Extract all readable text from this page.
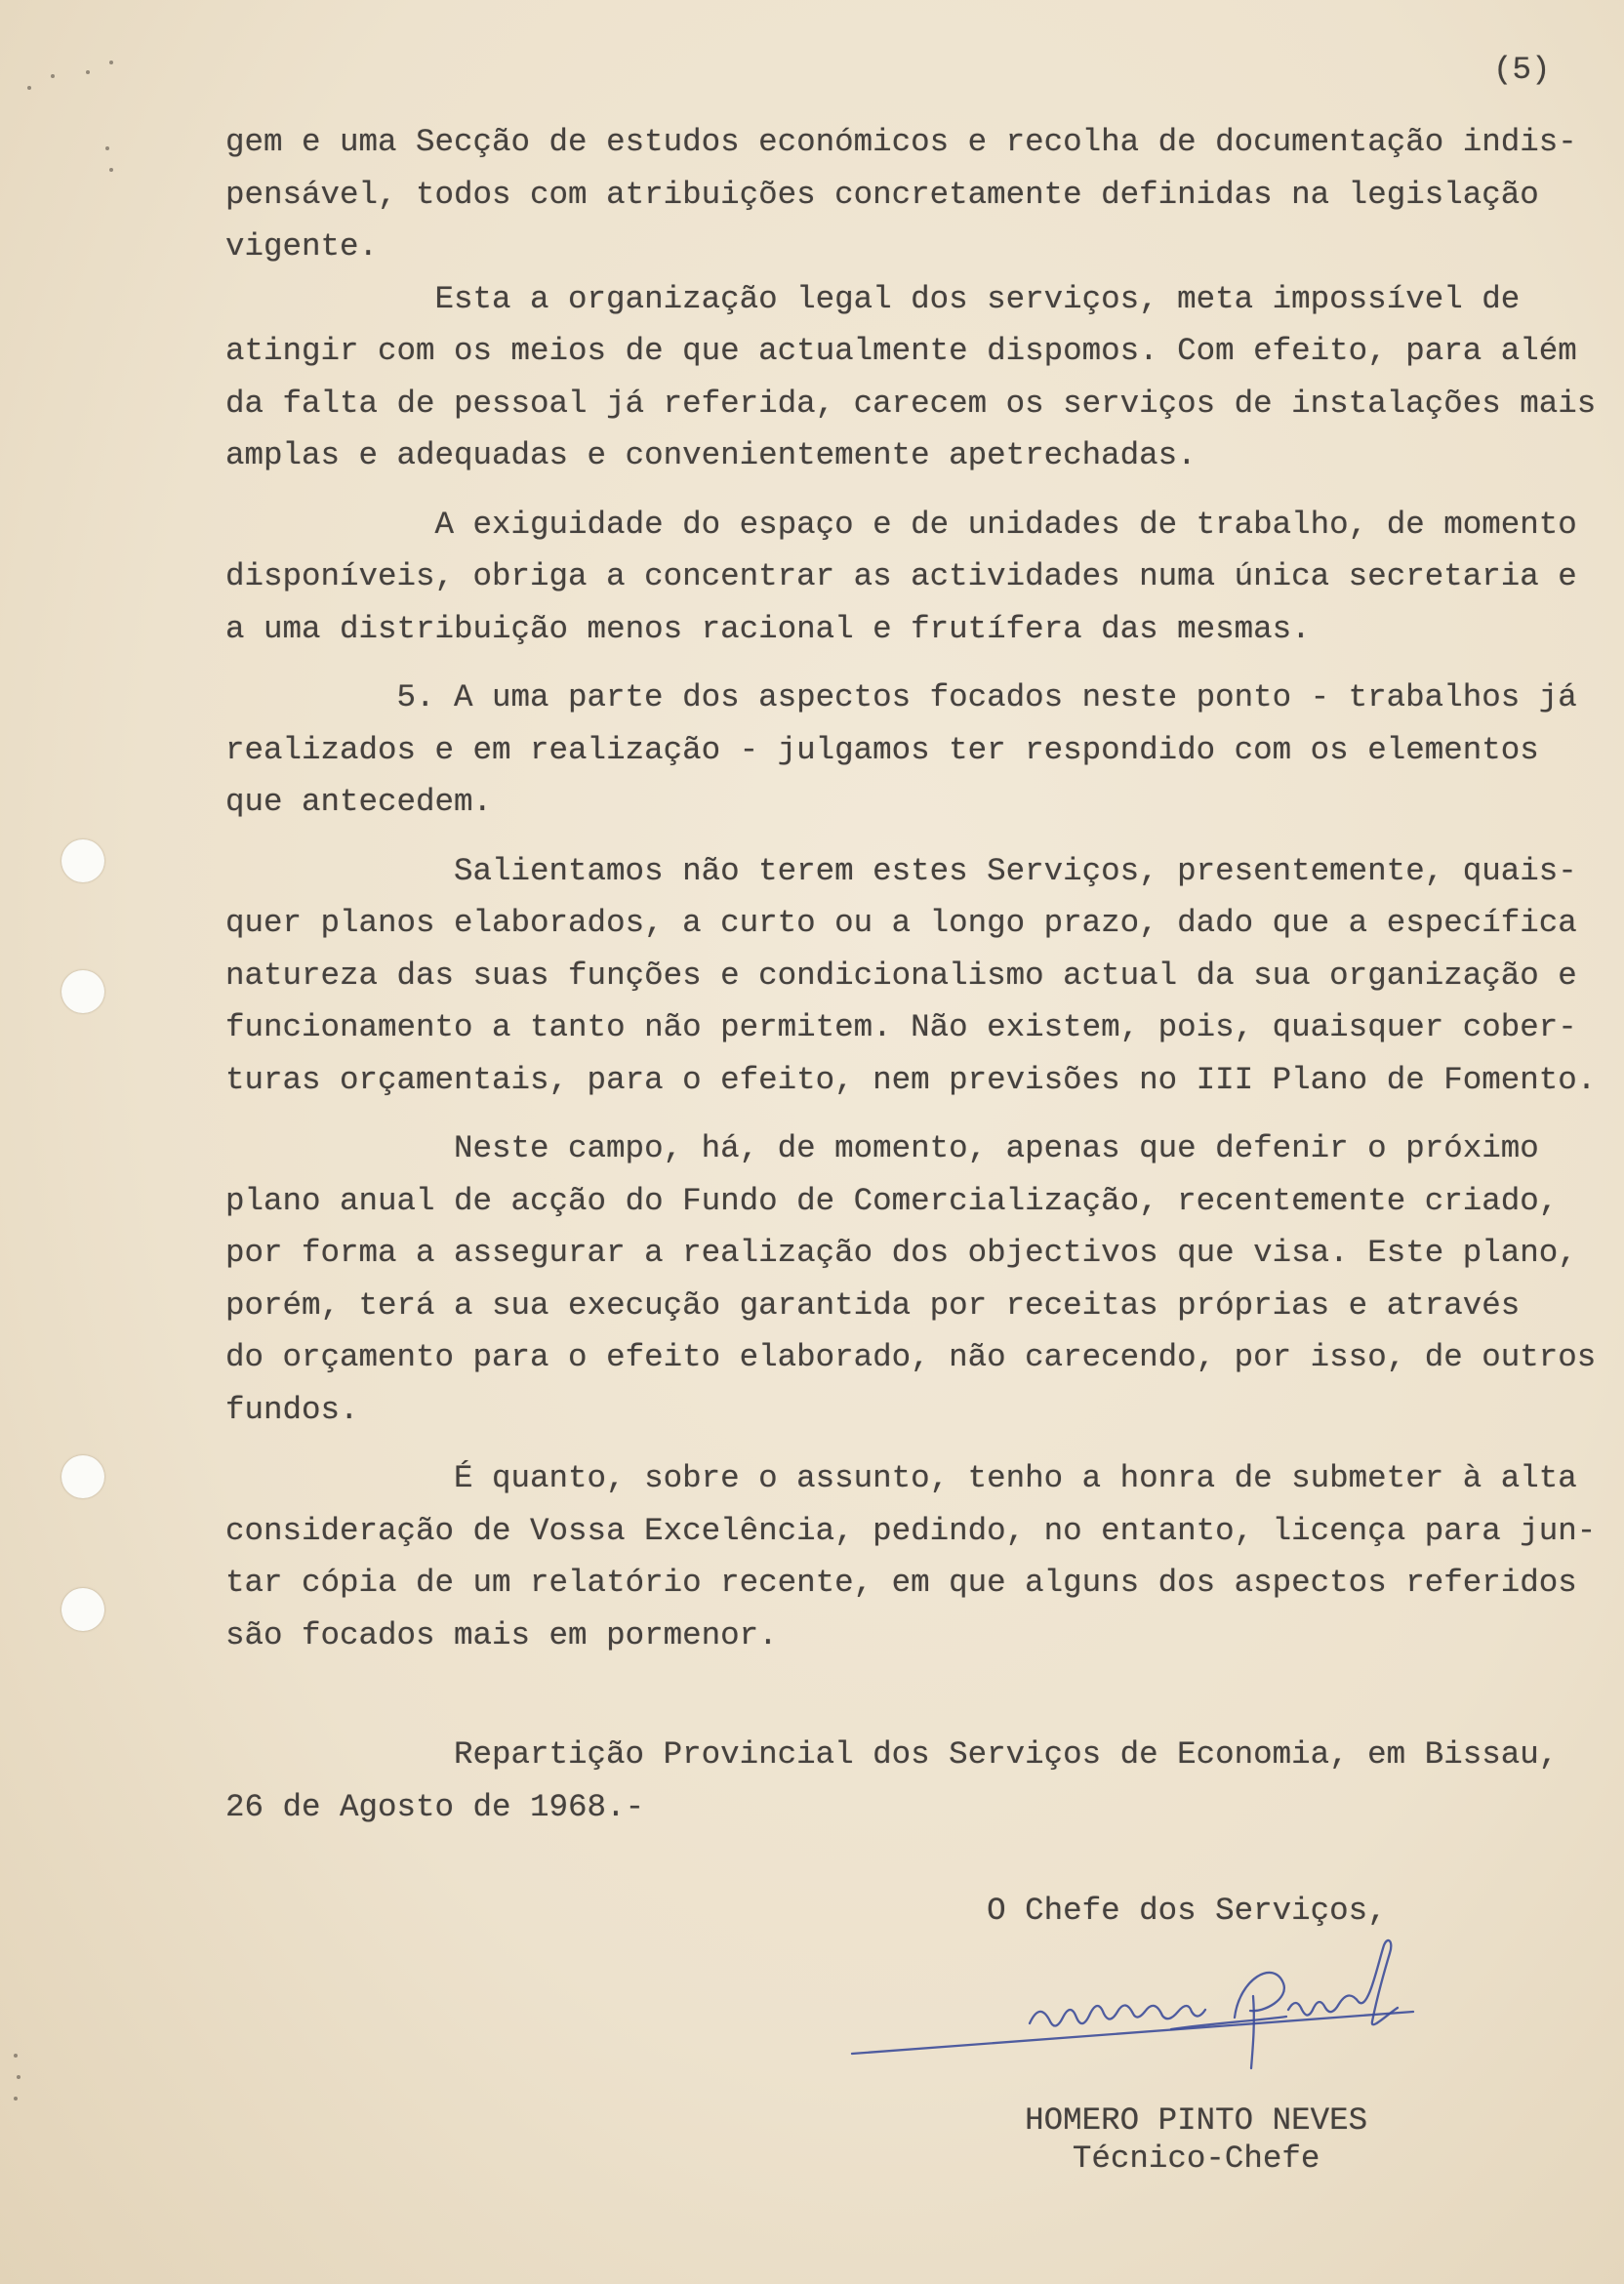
(5)
gem e uma Secção de estudos económicos e recolha de documentação indis-
pensável, todos com atribuições concretamente definidas na legislação
vigente.
Esta a organização legal dos serviços, meta impossível de
atingir com os meios de que actualmente dispomos. Com efeito, para além
da falta de pessoal já referida, carecem os serviços de instalações mais
amplas e adequadas e convenientemente apetrechadas.
A exiguidade do espaço e de unidades de trabalho, de momento
disponíveis, obriga a concentrar as actividades numa única secretaria e
a uma distribuição menos racional e frutífera das mesmas.
5. A uma parte dos aspectos focados neste ponto - trabalhos já
realizados e em realização - julgamos ter respondido com os elementos
que antecedem.
Salientamos não terem estes Serviços, presentemente, quais-
quer planos elaborados, a curto ou a longo prazo, dado que a específica
natureza das suas funções e condicionalismo actual da sua organização e
funcionamento a tanto não permitem. Não existem, pois, quaisquer cober-
turas orçamentais, para o efeito, nem previsões no III Plano de Fomento.
Neste campo, há, de momento, apenas que defenir o próximo
plano anual de acção do Fundo de Comercialização, recentemente criado,
por forma a assegurar a realização dos objectivos que visa. Este plano,
porém, terá a sua execução garantida por receitas próprias e através
do orçamento para o efeito elaborado, não carecendo, por isso, de outros
fundos.
É quanto, sobre o assunto, tenho a honra de submeter à alta
consideração de Vossa Excelência, pedindo, no entanto, licença para jun-
tar cópia de um relatório recente, em que alguns dos aspectos referidos
são focados mais em pormenor.
Repartição Provincial dos Serviços de Economia, em Bissau,
26 de Agosto de 1968.-
O Chefe dos Serviços,
HOMERO PINTO NEVES
Técnico-Chefe
